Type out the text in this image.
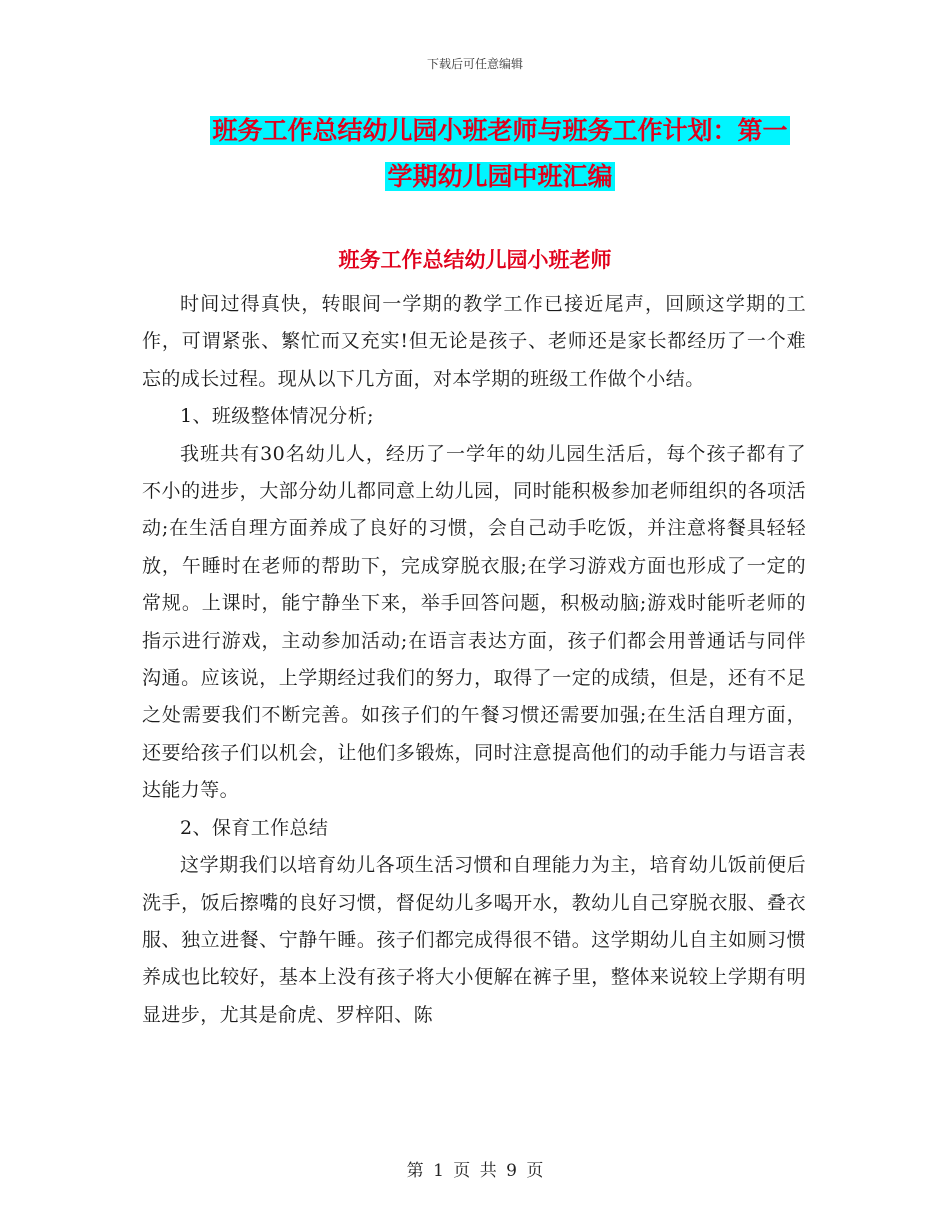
下载后可任意编辑
班务工作总结幼儿园小班老师与班务工作计划：第一
学期幼儿园中班汇编
班务工作总结幼儿园小班老师

时间过得真快，转眼间一学期的教学工作已接近尾声，回顾这学期的工作，可谓紧张、繁忙而又充实!但无论是孩子、老师还是家长都经历了一个难忘的成长过程。现从以下几方面，对本学期的班级工作做个小结。

1、班级整体情况分析;

我班共有30名幼儿人，经历了一学年的幼儿园生活后，每个孩子都有了不小的进步，大部分幼儿都同意上幼儿园，同时能积极参加老师组织的各项活动;在生活自理方面养成了良好的习惯，会自己动手吃饭，并注意将餐具轻轻放，午睡时在老师的帮助下，完成穿脱衣服;在学习游戏方面也形成了一定的常规。上课时，能宁静坐下来，举手回答问题，积极动脑;游戏时能听老师的指示进行游戏，主动参加活动;在语言表达方面，孩子们都会用普通话与同伴沟通。应该说，上学期经过我们的努力，取得了一定的成绩，但是，还有不足之处需要我们不断完善。如孩子们的午餐习惯还需要加强;在生活自理方面，还要给孩子们以机会，让他们多锻炼，同时注意提高他们的动手能力与语言表达能力等。

2、保育工作总结

这学期我们以培育幼儿各项生活习惯和自理能力为主，培育幼儿饭前便后洗手，饭后擦嘴的良好习惯，督促幼儿多喝开水，教幼儿自己穿脱衣服、叠衣服、独立进餐、宁静午睡。孩子们都完成得很不错。这学期幼儿自主如厕习惯养成也比较好，基本上没有孩子将大小便解在裤子里，整体来说较上学期有明显进步，尤其是俞虎、罗梓阳、陈

第 1 页 共 9 页
